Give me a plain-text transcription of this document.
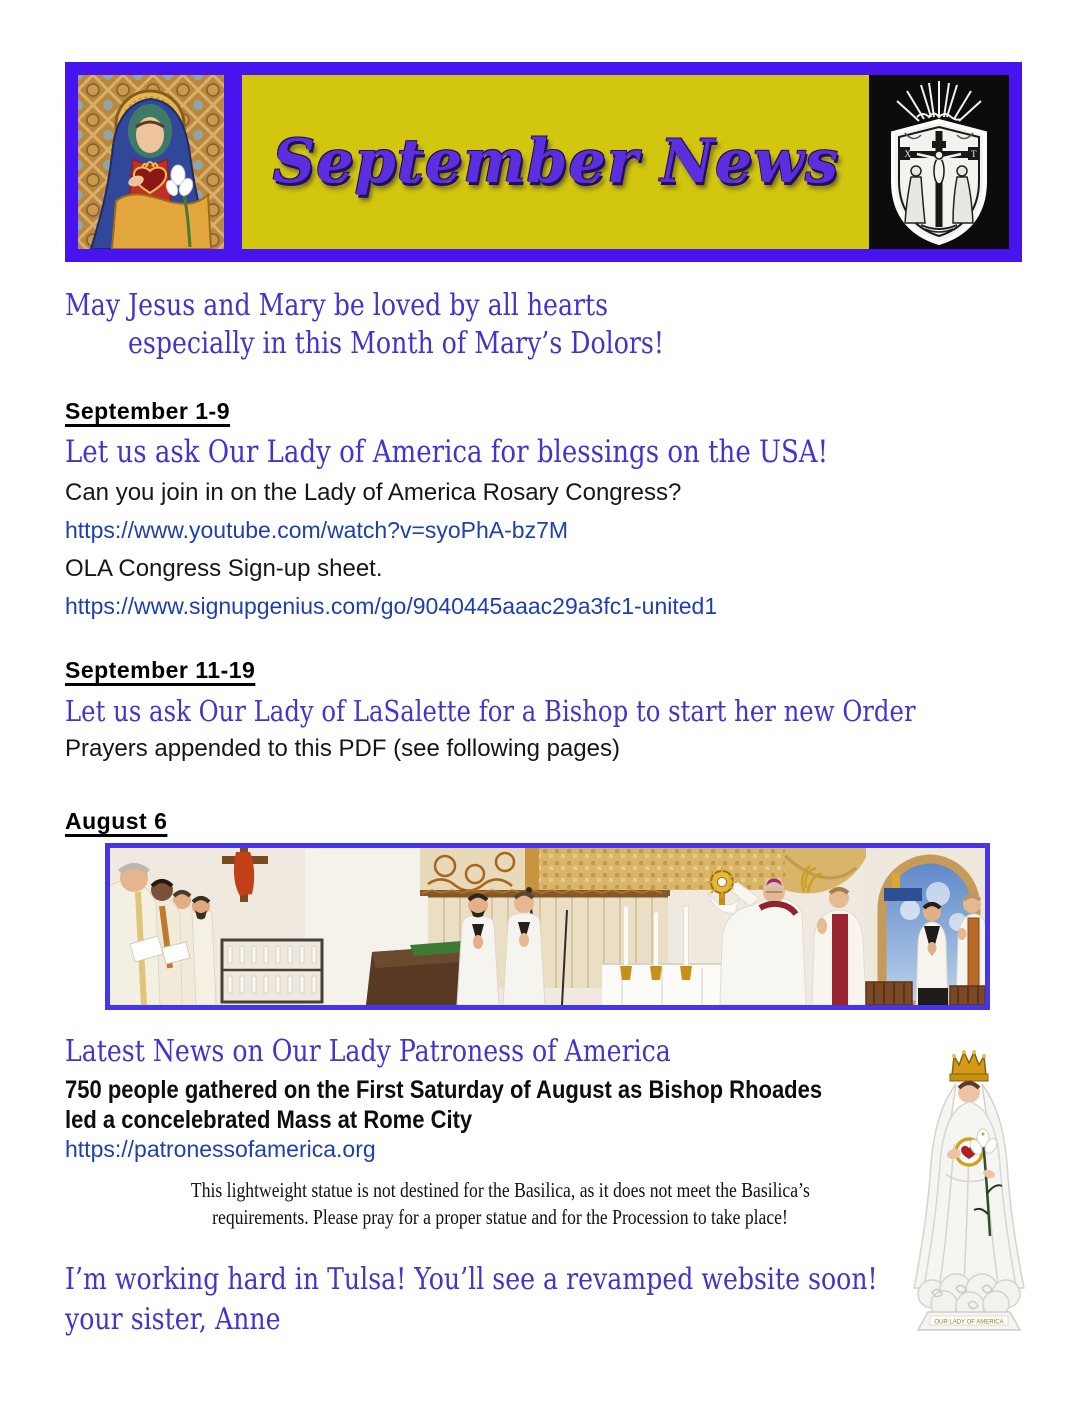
September News	X	T
May Jesus and Mary be loved by all hearts
especially in this Month of Mary’s Dolors!
September 1-9
Let us ask Our Lady of America for blessings on the USA!
Can you join in on the Lady of America Rosary Congress?
https://www.youtube.com/watch?v=syoPhA-bz7M
OLA Congress Sign-up sheet.
https://www.signupgenius.com/go/9040445aaac29a3fc1-united1
September 11-19
Let us ask Our Lady of LaSalette for a Bishop to start her new Order
Prayers appended to this PDF (see following pages)
August 6
Latest News on Our Lady Patroness of America
750 people gathered on the First Saturday of August as Bishop Rhoades
led a concelebrated Mass at Rome City
https://patronessofamerica.org
This lightweight statue is not destined for the Basilica, as it does not meet the Basilica’s
requirements. Please pray for a proper statue and for the Procession to take place!
I’m working hard in Tulsa! You’ll see a revamped website soon!
your sister, Anne	OUR LADY OF AMERICA
